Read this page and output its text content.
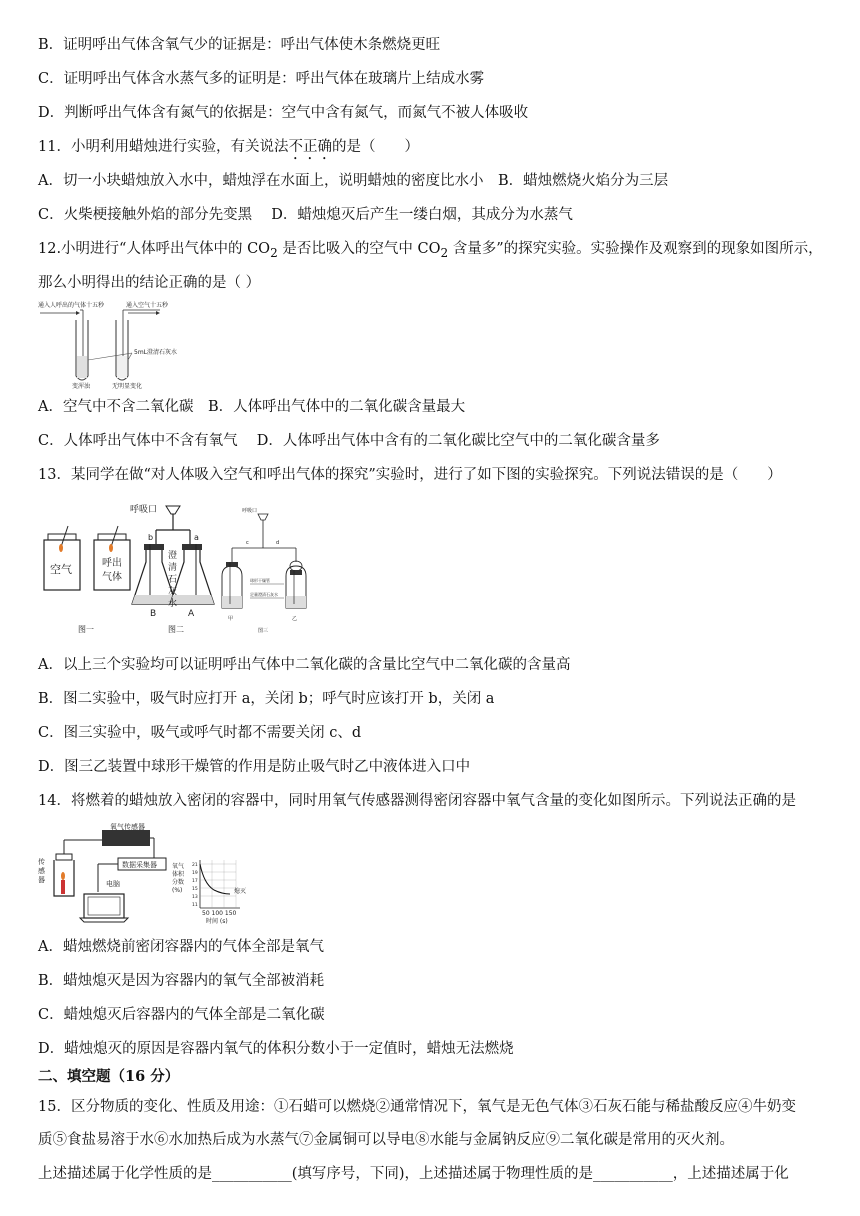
B．证明呼出气体含氧气少的证据是：呼出气体使木条燃烧更旺
C．证明呼出气体含水蒸气多的证明是：呼出气体在玻璃片上结成水雾
D．判断呼出气体含有氮气的依据是：空气中含有氮气，而氮气不被人体吸收
11．小明利用蜡烛进行实验，有关说法不正确的是（　　）
A．切一小块蜡烛放入水中，蜡烛浮在水面上，说明蜡烛的密度比水小　B．蜡烛燃烧火焰分为三层
C．火柴梗接触外焰的部分先变黑　 D．蜡烛熄灭后产生一缕白烟，其成分为水蒸气
12.小明进行“人体呼出气体中的 $CO_2$ 是否比吸入的空气中 $CO_2$ 含量多”的探究实验。实验操作及观察到的现象如图所示，
那么小明得出的结论正确的是（ ）
通入人呼出的气体十五秒	通入空气十五秒
5mL澄清石灰水
变浑浊	无明显变化
A．空气中不含二氧化碳　B．人体呼出气体中的二氧化碳含量最大
C．人体呼出气体中不含有氧气　 D．人体呼出气体中含有的二氧化碳比空气中的二氧化碳含量多
13．某同学在做“对人体吸入空气和呼出气体的探究”实验时，进行了如下图的实验探究。下列说法错误的是（　　）
空气	呼出
气体
图一
呼吸口
b	a
澄
清
石
灰
水
B	A
图二
呼吸口
c	d
球形干燥管
足量澄清石灰水
甲	乙
图三
A．以上三个实验均可以证明呼出气体中二氧化碳的含量比空气中二氧化碳的含量高
B．图二实验中，吸气时应打开 a，关闭 b；呼气时应该打开 b，关闭 a
C．图三实验中，吸气或呼气时都不需要关闭 c、d
D．图三乙装置中球形干燥管的作用是防止吸气时乙中液体进入口中
14．将燃着的蜡烛放入密闭的容器中，同时用氧气传感器测得密闭容器中氧气含量的变化如图所示。下列说法正确的是
氧气传感器
数据采集器
传
感
器	电脑
氧气
体积
分数
(%)
21
19
17
15
13
11
熄灭
50 100 150
时间 (s)
A．蜡烛燃烧前密闭容器内的气体全部是氧气
B．蜡烛熄灭是因为容器内的氧气全部被消耗
C．蜡烛熄灭后容器内的气体全部是二氧化碳
D．蜡烛熄灭的原因是容器内氧气的体积分数小于一定值时，蜡烛无法燃烧
二、填空题（16 分）
15．区分物质的变化、性质及用途：①石蜡可以燃烧②通常情况下，氧气是无色气体③石灰石能与稀盐酸反应④牛奶变
质⑤食盐易溶于水⑥水加热后成为水蒸气⑦金属铜可以导电⑧水能与金属钠反应⑨二氧化碳是常用的灭火剂。
上述描述属于化学性质的是___________(填写序号，下同)，上述描述属于物理性质的是___________，上述描述属于化
